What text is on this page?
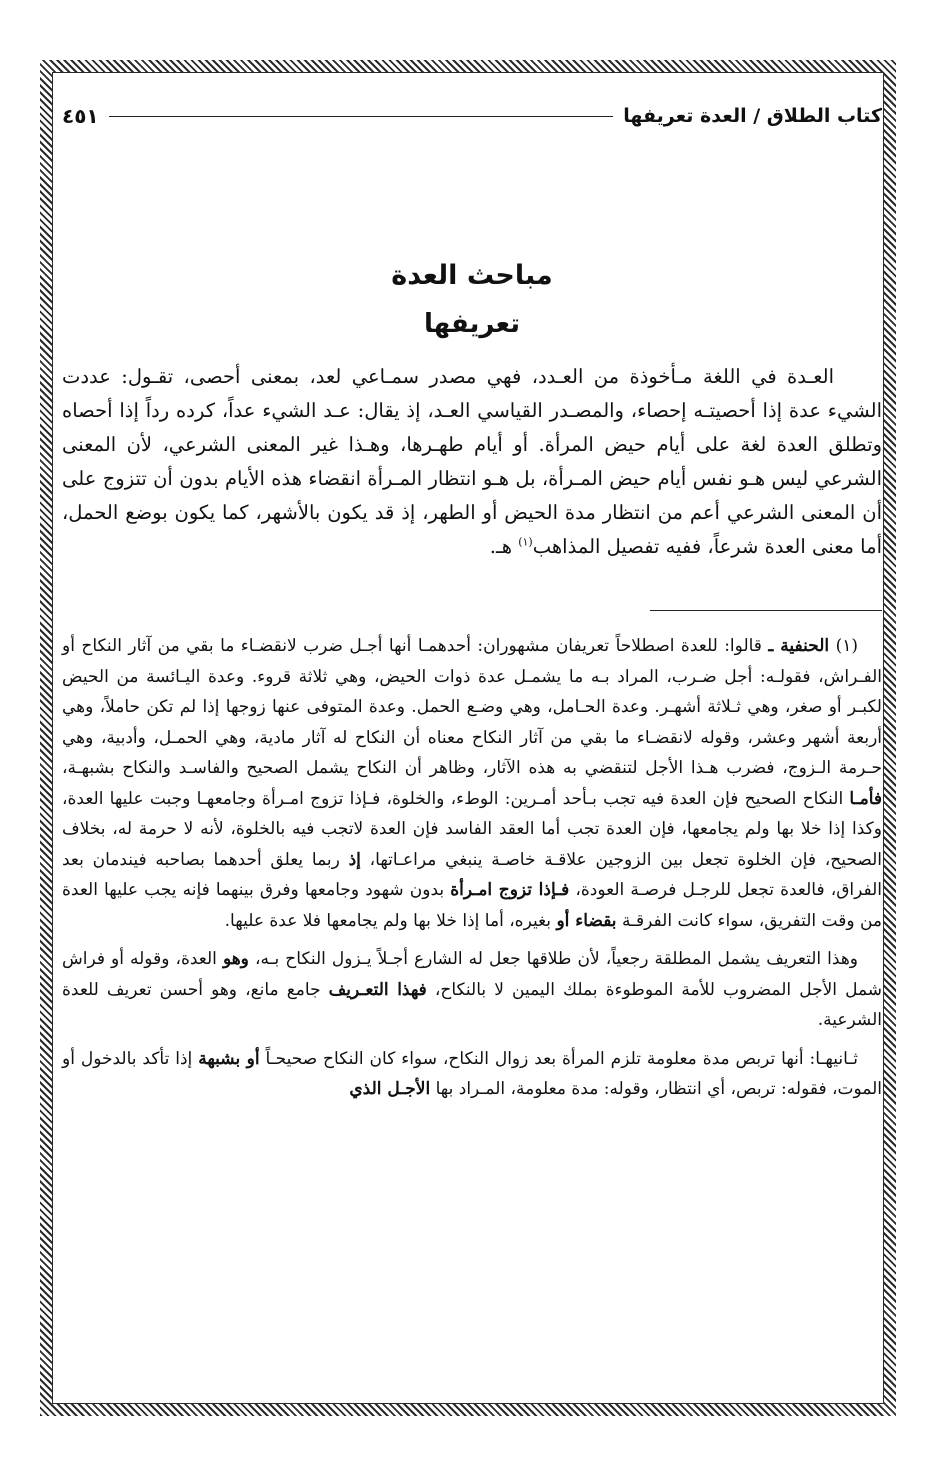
كتاب الطلاق / العدة تعريفها
٤٥١
مباحث العدة
تعريفها

العـدة في اللغة مـأخوذة من العـدد، فهي مصدر سمـاعي لعد، بمعنى أحصى، تقـول: عددت الشيء عدة إذا أحصيتـه إحصاء، والمصـدر القياسي العـد، إذ يقال: عـد الشيء عداً، كرده رداً إذا أحصاه وتطلق العدة لغة على أيام حيض المرأة. أو أيام طهـرها، وهـذا غير المعنى الشرعي، لأن المعنى الشرعي ليس هـو نفس أيام حيض المـرأة، بل هـو انتظار المـرأة انقضاء هذه الأيام بدون أن تتزوج على أن المعنى الشرعي أعم من انتظار مدة الحيض أو الطهر، إذ قد يكون بالأشهر، كما يكون بوضع الحمل، أما معنى العدة شرعاً، ففيه تفصيل المذاهب$^{(١)}$ هـ.

(١) الحنفية ـ قالوا: للعدة اصطلاحاً تعريفان مشهوران: أحدهمـا أنها أجـل ضرب لانقضـاء ما بقي من آثار النكاح أو الفـراش، فقولـه: أجل ضـرب، المراد بـه ما يشمـل عدة ذوات الحيض، وهي ثلاثة قروء. وعدة اليـائسة من الحيض لكبـر أو صغر، وهي ثـلاثة أشهـر. وعدة الحـامل، وهي وضـع الحمل. وعدة المتوفى عنها زوجها إذا لم تكن حاملاً، وهي أربعة أشهر وعشر، وقوله لانقضـاء ما بقي من آثار النكاح معناه أن النكاح له آثار مادية، وهي الحمـل، وأدبية، وهي حـرمة الـزوج، فضرب هـذا الأجل لتنقضي به هذه الآثار، وظاهر أن النكاح يشمل الصحيح والفاسـد والنكاح بشبهـة، فأمـا النكاح الصحيح فإن العدة فيه تجب بـأحد أمـرين: الوطء، والخلوة، فـإذا تزوج امـرأة وجامعهـا وجبت عليها العدة، وكذا إذا خلا بها ولم يجامعها، فإن العدة تجب أما العقد الفاسد فإن العدة لاتجب فيه بالخلوة، لأنه لا حرمة له، بخلاف الصحيح، فإن الخلوة تجعل بين الزوجين علاقـة خاصـة ينبغي مراعـاتها، إذ ربما يعلق أحدهما بصاحبه فيندمان بعد الفراق، فالعدة تجعل للرجـل فرصـة العودة، فـإذا تزوج امـرأة بدون شهود وجامعها وفرق بينهما فإنه يجب عليها العدة من وقت التفريق، سواء كانت الفرقـة بقضاء أو بغيره، أما إذا خلا بها ولم يجامعها فلا عدة عليها.

وهذا التعريف يشمل المطلقة رجعياً، لأن طلاقها جعل له الشارع أجـلاً يـزول النكاح بـه، وهو العدة، وقوله أو فراش شمل الأجل المضروب للأمة الموطوءة بملك اليمين لا بالنكاح، فهذا التعـريف جامع مانع، وهو أحسن تعريف للعدة الشرعية.

ثـانيهـا: أنها تربص مدة معلومة تلزم المرأة بعد زوال النكاح، سواء كان النكاح صحيحـاً أو بشبهة إذا تأكد بالدخول أو الموت، فقوله: تربص، أي انتظار، وقوله: مدة معلومة، المـراد بها الأجـل الذي
